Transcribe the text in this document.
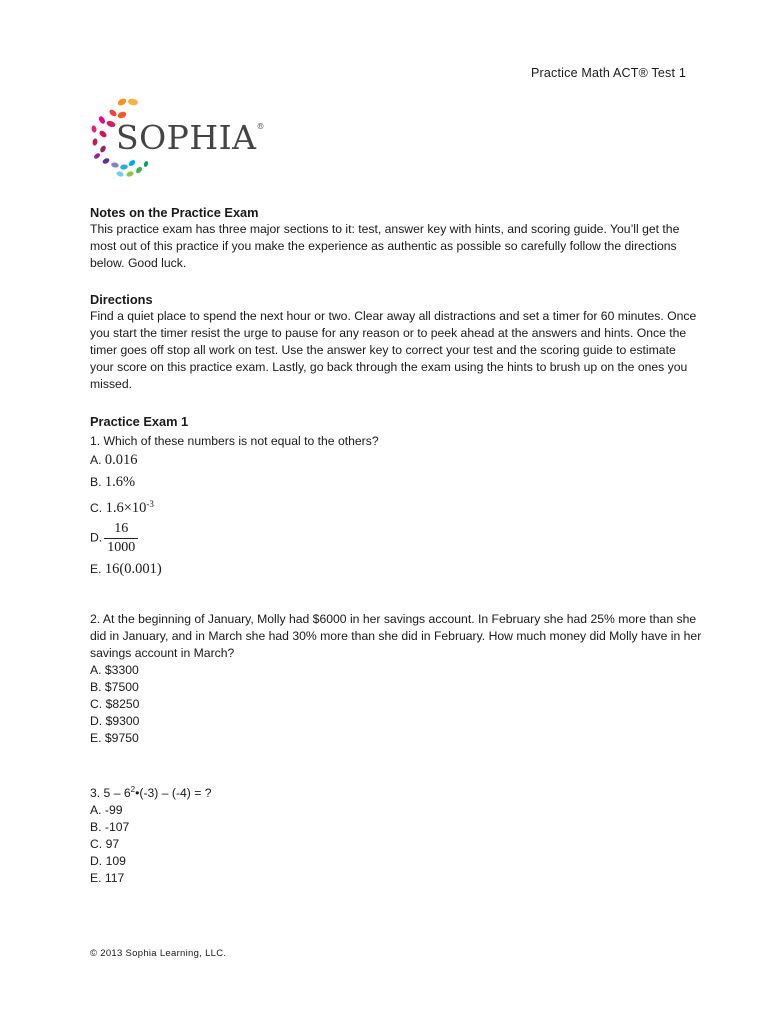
Practice Math ACT® Test 1
SOPHIA®

Notes on the Practice Exam

This practice exam has three major sections to it: test, answer key with hints, and scoring guide. You’ll get the most out of this practice if you make the experience as authentic as possible so carefully follow the directions below. Good luck.

Directions

Find a quiet place to spend the next hour or two. Clear away all distractions and set a timer for 60 minutes. Once you start the timer resist the urge to pause for any reason or to peek ahead at the answers and hints. Once the timer goes off stop all work on test. Use the answer key to correct your test and the scoring guide to estimate your score on this practice exam. Lastly, go back through the exam using the hints to brush up on the ones you missed.

Practice Exam 1

1. Which of these numbers is not equal to the others?

A. 0.016

B. 1.6%

C. $1.6\times 10^{-3}$

D. $\frac{16}{1000}$

E. 16(0.001)

2. At the beginning of January, Molly had $6000 in her savings account. In February she had 25% more than she did in January, and in March she had 30% more than she did in February. How much money did Molly have in her savings account in March?

A. $3300

B. $7500

C. $8250

D. $9300

E. $9750

3. $5 - 6^2•(-3) - (-4)$ = ?

A. -99

B. -107

C. 97

D. 109

E. 117

© 2013 Sophia Learning, LLC.
